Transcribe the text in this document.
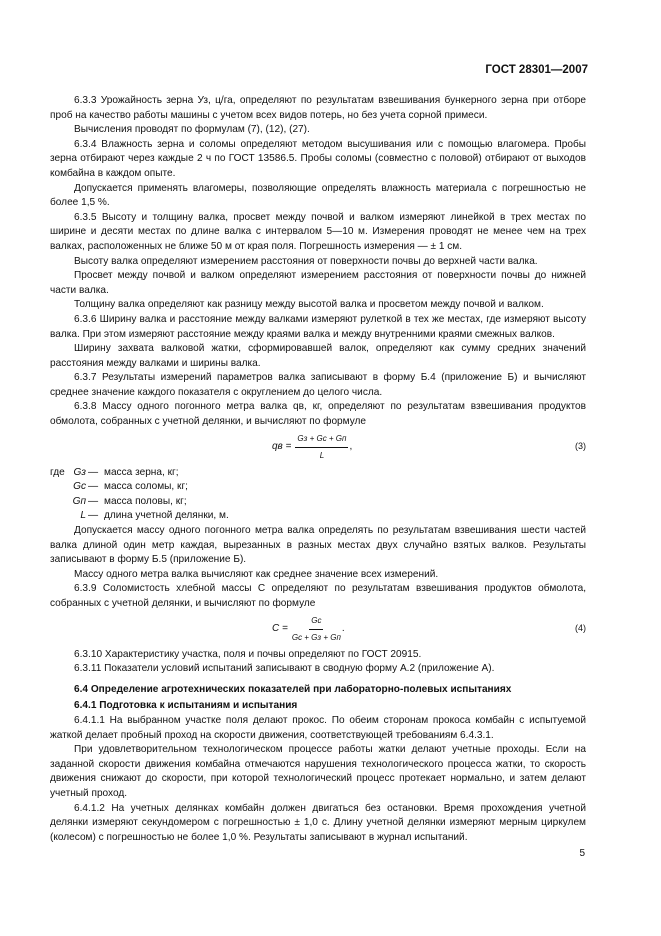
ГОСТ 28301—2007

6.3.3 Урожайность зерна Уз, ц/га, определяют по результатам взвешивания бункерного зерна при отборе проб на качество работы машины с учетом всех видов потерь, но без учета сорной примеси.

Вычисления проводят по формулам (7), (12), (27).

6.3.4 Влажность зерна и соломы определяют методом высушивания или с помощью влагомера. Пробы зерна отбирают через каждые 2 ч по ГОСТ 13586.5. Пробы соломы (совместно с половой) отбирают от выходов комбайна в каждом опыте.

Допускается применять влагомеры, позволяющие определять влажность материала с погрешностью не более 1,5 %.

6.3.5 Высоту и толщину валка, просвет между почвой и валком измеряют линейкой в трех местах по ширине и десяти местах по длине валка с интервалом 5—10 м. Измерения проводят не менее чем на трех валках, расположенных не ближе 50 м от края поля. Погрешность измерения — ± 1 см.

Высоту валка определяют измерением расстояния от поверхности почвы до верхней части валка.

Просвет между почвой и валком определяют измерением расстояния от поверхности почвы до нижней части валка.

Толщину валка определяют как разницу между высотой валка и просветом между почвой и валком.

6.3.6 Ширину валка и расстояние между валками измеряют рулеткой в тех же местах, где измеряют высоту валка. При этом измеряют расстояние между краями валка и между внутренними краями смежных валков.

Ширину захвата валковой жатки, сформировавшей валок, определяют как сумму средних значений расстояния между валками и ширины валка.

6.3.7 Результаты измерений параметров валка записывают в форму Б.4 (приложение Б) и вычисляют среднее значение каждого показателя с округлением до целого числа.

6.3.8 Массу одного погонного метра валка qв, кг, определяют по результатам взвешивания продуктов обмолота, собранных с учетной делянки, и вычисляют по формуле

qв = $\frac{Gз + Gс + Gп}{L}$ ,	(3)
где Gз — масса зерна, кг;
Gс — масса соломы, кг;
Gп — масса половы, кг;
L — длина учетной делянки, м.

Допускается массу одного погонного метра валка определять по результатам взвешивания шести частей валка длиной один метр каждая, вырезанных в разных местах двух случайно взятых валков. Результаты записывают в форму Б.5 (приложение Б).

Массу одного метра валка вычисляют как среднее значение всех измерений.

6.3.9 Соломистость хлебной массы С определяют по результатам взвешивания продуктов обмолота, собранных с учетной делянки, и вычисляют по формуле

$C = \frac{Gс}{Gс + Gз + Gп}$ .	(4)

6.3.10 Характеристику участка, поля и почвы определяют по ГОСТ 20915.

6.3.11 Показатели условий испытаний записывают в сводную форму А.2 (приложение А).

6.4 Определение агротехнических показателей при лабораторно-полевых испытаниях

6.4.1 Подготовка к испытаниям и испытания

6.4.1.1 На выбранном участке поля делают прокос. По обеим сторонам прокоса комбайн с испытуемой жаткой делает пробный проход на скорости движения, соответствующей требованиям 6.4.3.1.

При удовлетворительном технологическом процессе работы жатки делают учетные проходы. Если на заданной скорости движения комбайна отмечаются нарушения технологического процесса жатки, то скорость движения снижают до скорости, при которой технологический процесс протекает нормально, и затем делают учетный проход.

6.4.1.2 На учетных делянках комбайн должен двигаться без остановки. Время прохождения учетной делянки измеряют секундомером с погрешностью ± 1,0 с. Длину учетной делянки измеряют мерным циркулем (колесом) с погрешностью не более 1,0 %. Результаты записывают в журнал испытаний.

5
